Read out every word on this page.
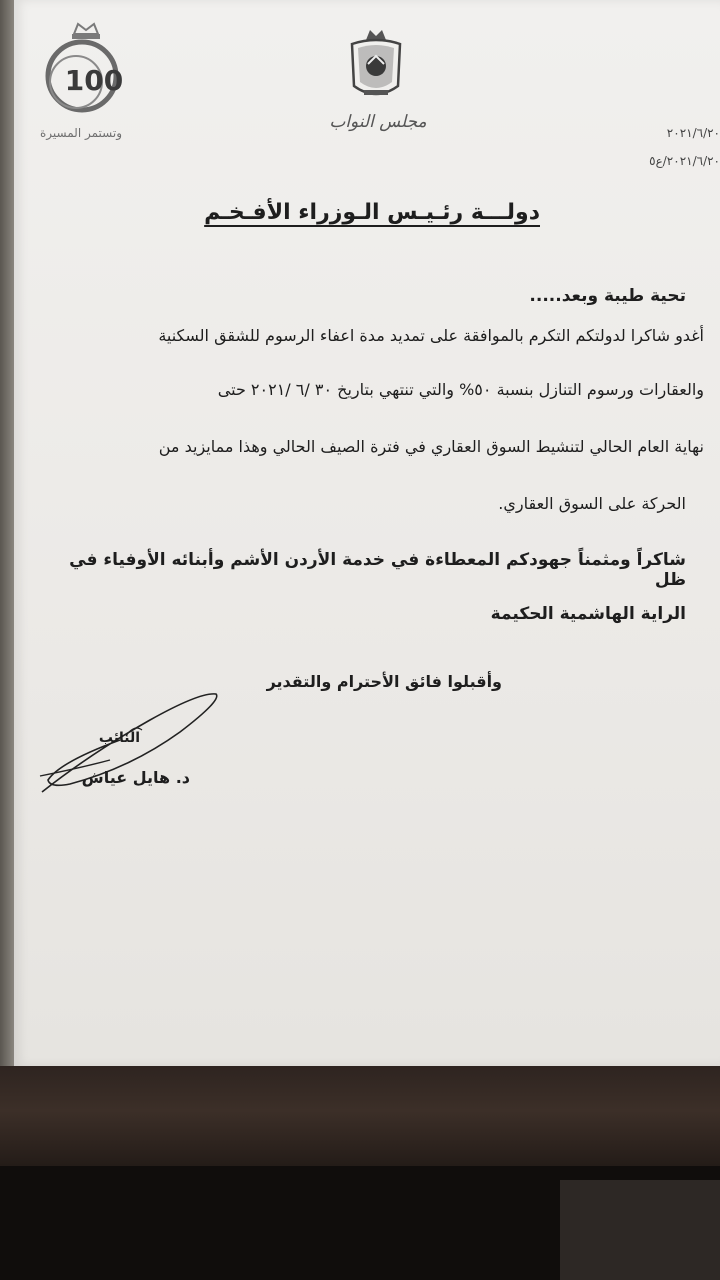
100
وتستمر المسيرة
مجلس النواب
٢٠٢١/٦/٢٠
٢٠٢١/٦/٢٠/ع٥
دولـــة رئـيـس الـوزراء الأفـخـم
تحية طيبة وبعد.....
أغدو شاكرا لدولتكم التكرم بالموافقة على تمديد مدة اعفاء الرسوم للشقق السكنية
والعقارات ورسوم التنازل بنسبة ٥٠% والتي تنتهي بتاريخ ٣٠ /٦ /٢٠٢١ حتى
نهاية العام الحالي لتنشيط السوق العقاري في فترة الصيف الحالي وهذا ممايزيد من
الحركة على السوق العقاري.
شاكراً ومثمناً جهودكم المعطاءة في خدمة الأردن الأشم وأبنائه الأوفياء في ظل
الراية الهاشمية الحكيمة
وأقبلوا فائق الأحترام والتقدير
النائب
د. هايل عياش
